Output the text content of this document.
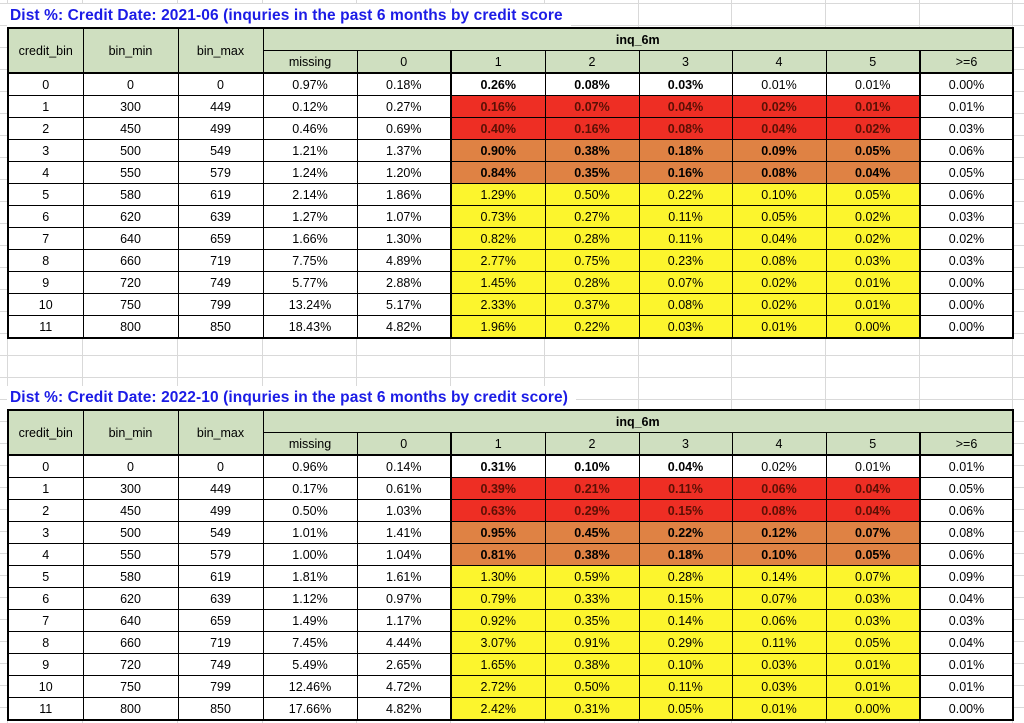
Dist %: Credit Date: 2021-06 (inquries in the past 6 months by credit score
credit_bin	bin_min	bin_max	inq_6m							
			missing	0	1	2	3	4	5	>=6
0	0	0	0.97%	0.18%	0.26%	0.08%	0.03%	0.01%	0.01%	0.00%
1	300	449	0.12%	0.27%	0.16%	0.07%	0.04%	0.02%	0.01%	0.01%
2	450	499	0.46%	0.69%	0.40%	0.16%	0.08%	0.04%	0.02%	0.03%
3	500	549	1.21%	1.37%	0.90%	0.38%	0.18%	0.09%	0.05%	0.06%
4	550	579	1.24%	1.20%	0.84%	0.35%	0.16%	0.08%	0.04%	0.05%
5	580	619	2.14%	1.86%	1.29%	0.50%	0.22%	0.10%	0.05%	0.06%
6	620	639	1.27%	1.07%	0.73%	0.27%	0.11%	0.05%	0.02%	0.03%
7	640	659	1.66%	1.30%	0.82%	0.28%	0.11%	0.04%	0.02%	0.02%
8	660	719	7.75%	4.89%	2.77%	0.75%	0.23%	0.08%	0.03%	0.03%
9	720	749	5.77%	2.88%	1.45%	0.28%	0.07%	0.02%	0.01%	0.00%
10	750	799	13.24%	5.17%	2.33%	0.37%	0.08%	0.02%	0.01%	0.00%
11	800	850	18.43%	4.82%	1.96%	0.22%	0.03%	0.01%	0.00%	0.00%
Dist %: Credit Date: 2022-10 (inquries in the past 6 months by credit score)
credit_bin	bin_min	bin_max	inq_6m							
			missing	0	1	2	3	4	5	>=6
0	0	0	0.96%	0.14%	0.31%	0.10%	0.04%	0.02%	0.01%	0.01%
1	300	449	0.17%	0.61%	0.39%	0.21%	0.11%	0.06%	0.04%	0.05%
2	450	499	0.50%	1.03%	0.63%	0.29%	0.15%	0.08%	0.04%	0.06%
3	500	549	1.01%	1.41%	0.95%	0.45%	0.22%	0.12%	0.07%	0.08%
4	550	579	1.00%	1.04%	0.81%	0.38%	0.18%	0.10%	0.05%	0.06%
5	580	619	1.81%	1.61%	1.30%	0.59%	0.28%	0.14%	0.07%	0.09%
6	620	639	1.12%	0.97%	0.79%	0.33%	0.15%	0.07%	0.03%	0.04%
7	640	659	1.49%	1.17%	0.92%	0.35%	0.14%	0.06%	0.03%	0.03%
8	660	719	7.45%	4.44%	3.07%	0.91%	0.29%	0.11%	0.05%	0.04%
9	720	749	5.49%	2.65%	1.65%	0.38%	0.10%	0.03%	0.01%	0.01%
10	750	799	12.46%	4.72%	2.72%	0.50%	0.11%	0.03%	0.01%	0.01%
11	800	850	17.66%	4.82%	2.42%	0.31%	0.05%	0.01%	0.00%	0.00%
